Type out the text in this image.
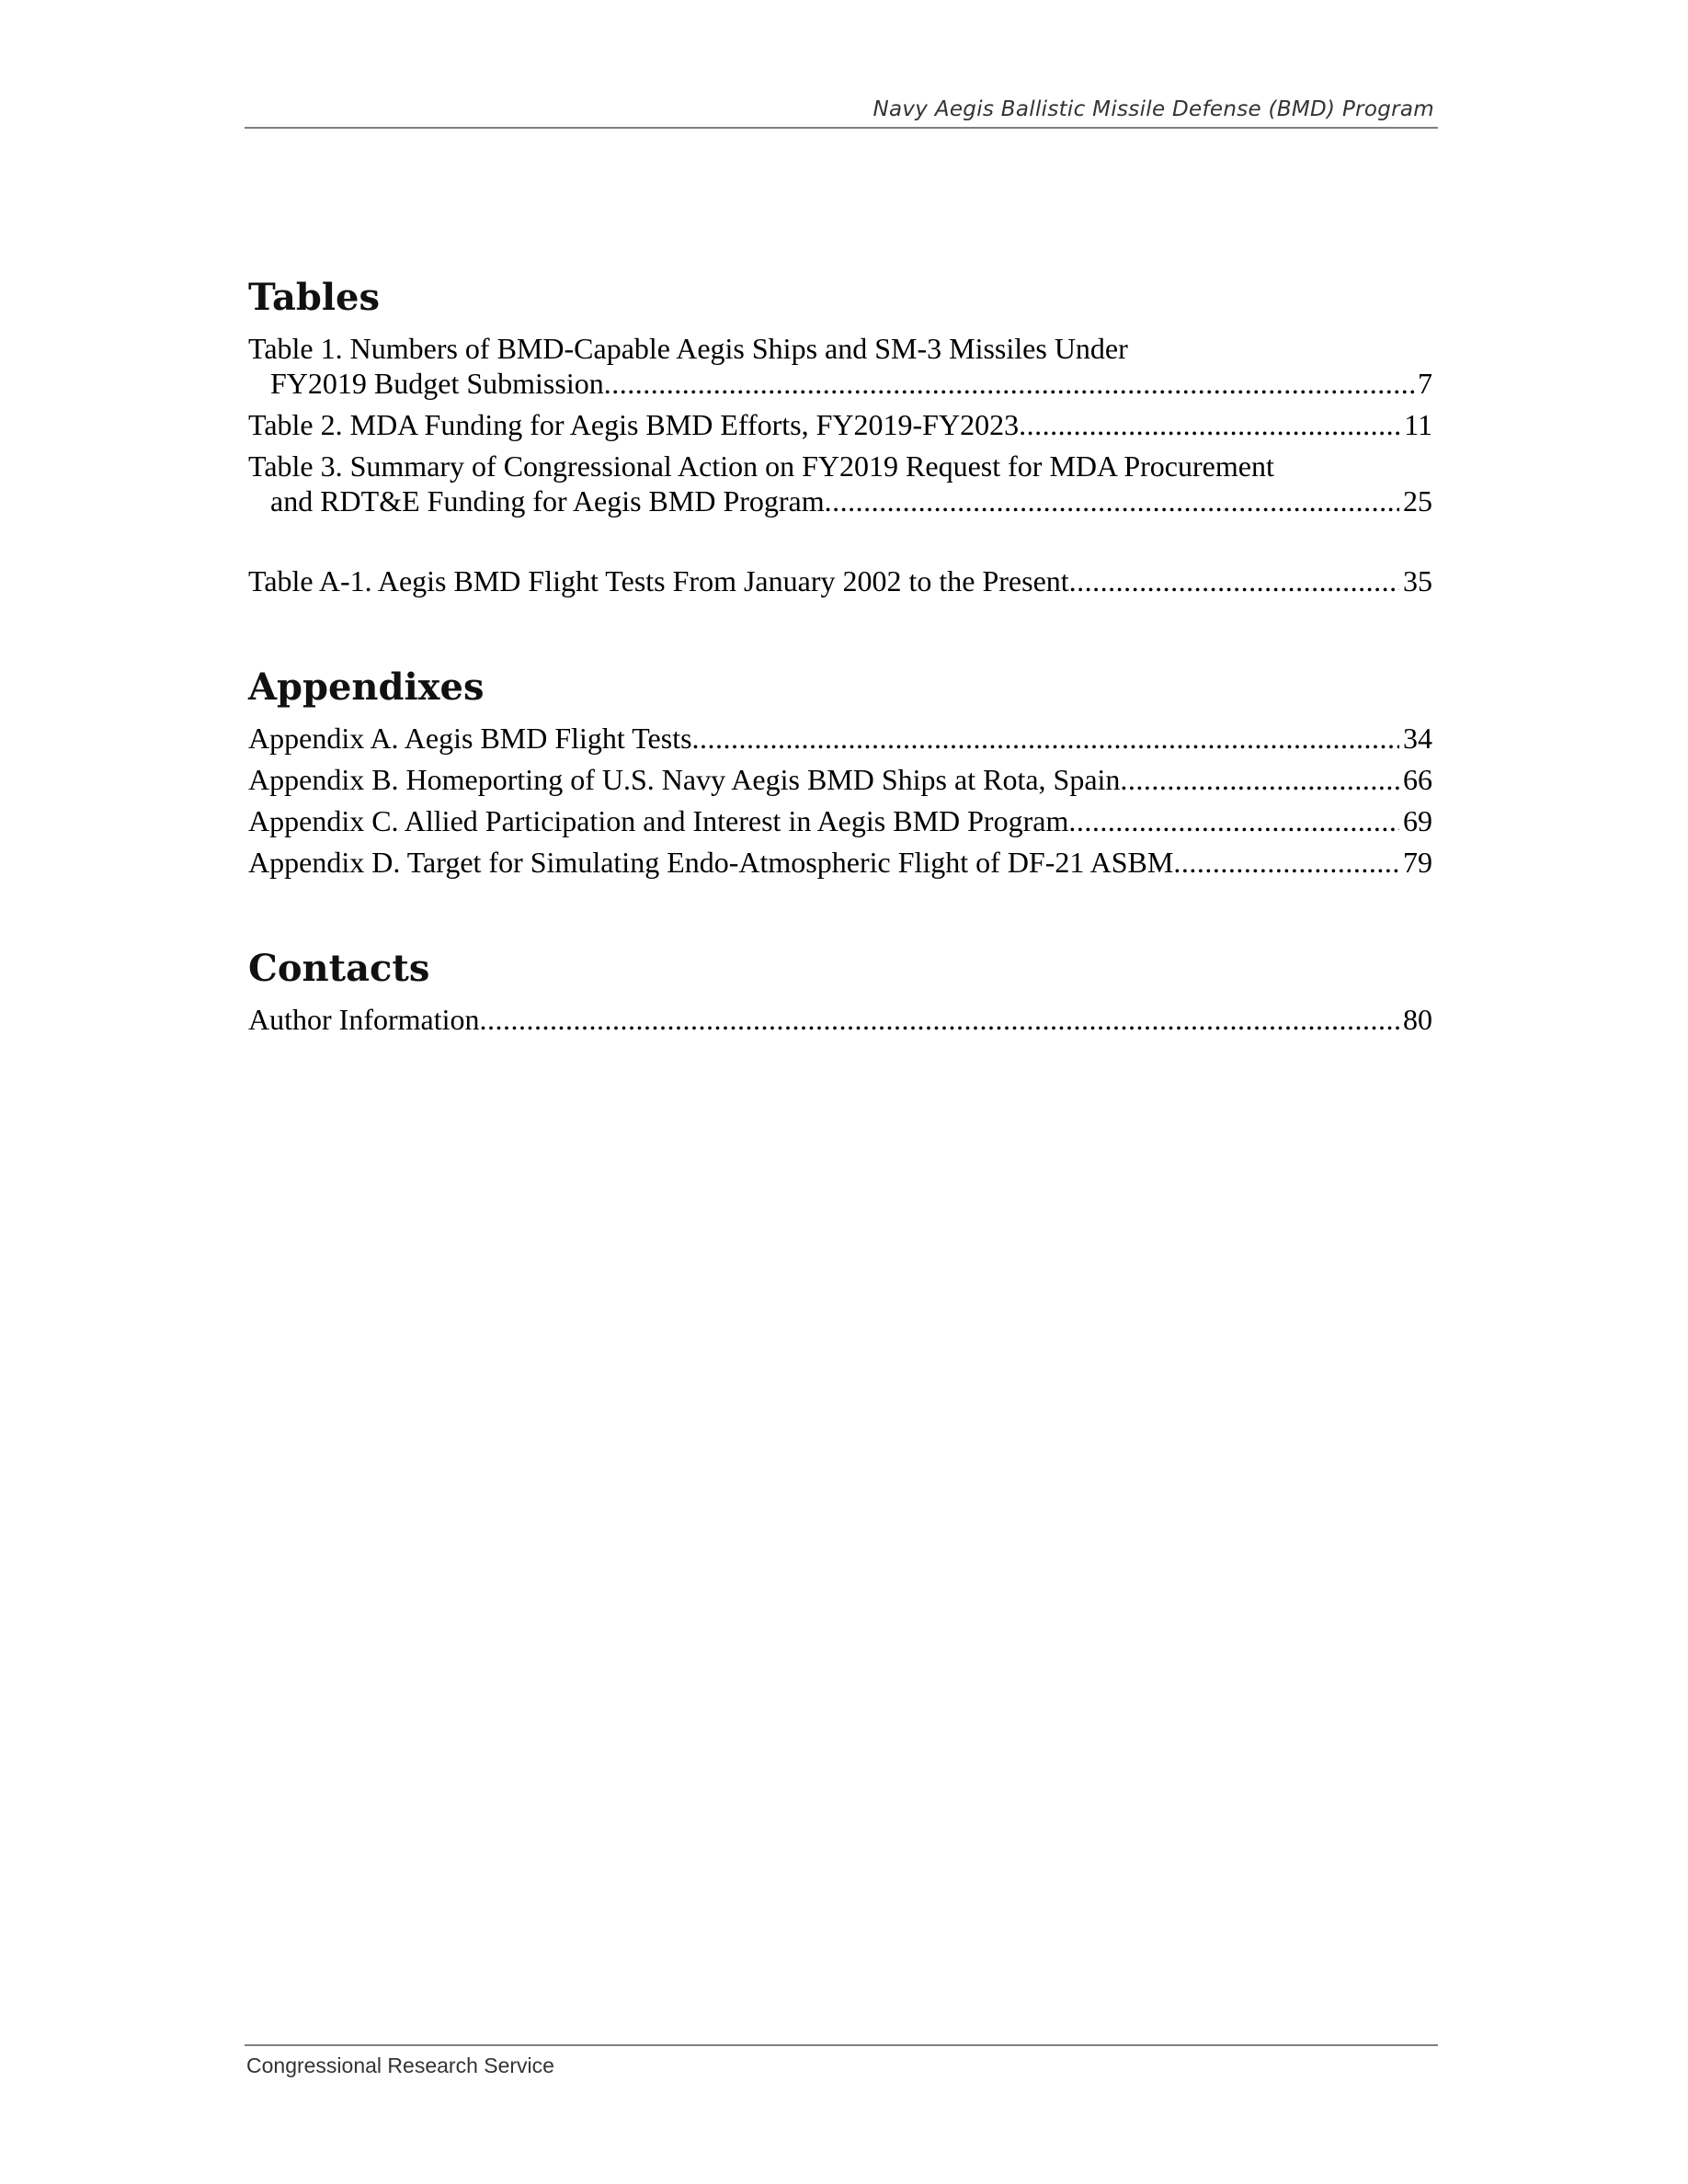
Navy Aegis Ballistic Missile Defense (BMD) Program
Tables
Table 1. Numbers of BMD-Capable Aegis Ships and SM-3 Missiles Under
FY2019 Budget Submission .....	7
Table 2. MDA Funding for Aegis BMD Efforts, FY2019-FY2023 .....	11
Table 3. Summary of Congressional Action on FY2019 Request for MDA Procurement
and RDT&E Funding for Aegis BMD Program .....	25
Table A-1. Aegis BMD Flight Tests From January 2002 to the Present .....	35
Appendixes
Appendix A. Aegis BMD Flight Tests .....	34
Appendix B. Homeporting of U.S. Navy Aegis BMD Ships at Rota, Spain .....	66
Appendix C. Allied Participation and Interest in Aegis BMD Program .....	69
Appendix D. Target for Simulating Endo-Atmospheric Flight of DF-21 ASBM .....	79
Contacts
Author Information .....	80
Congressional Research Service
